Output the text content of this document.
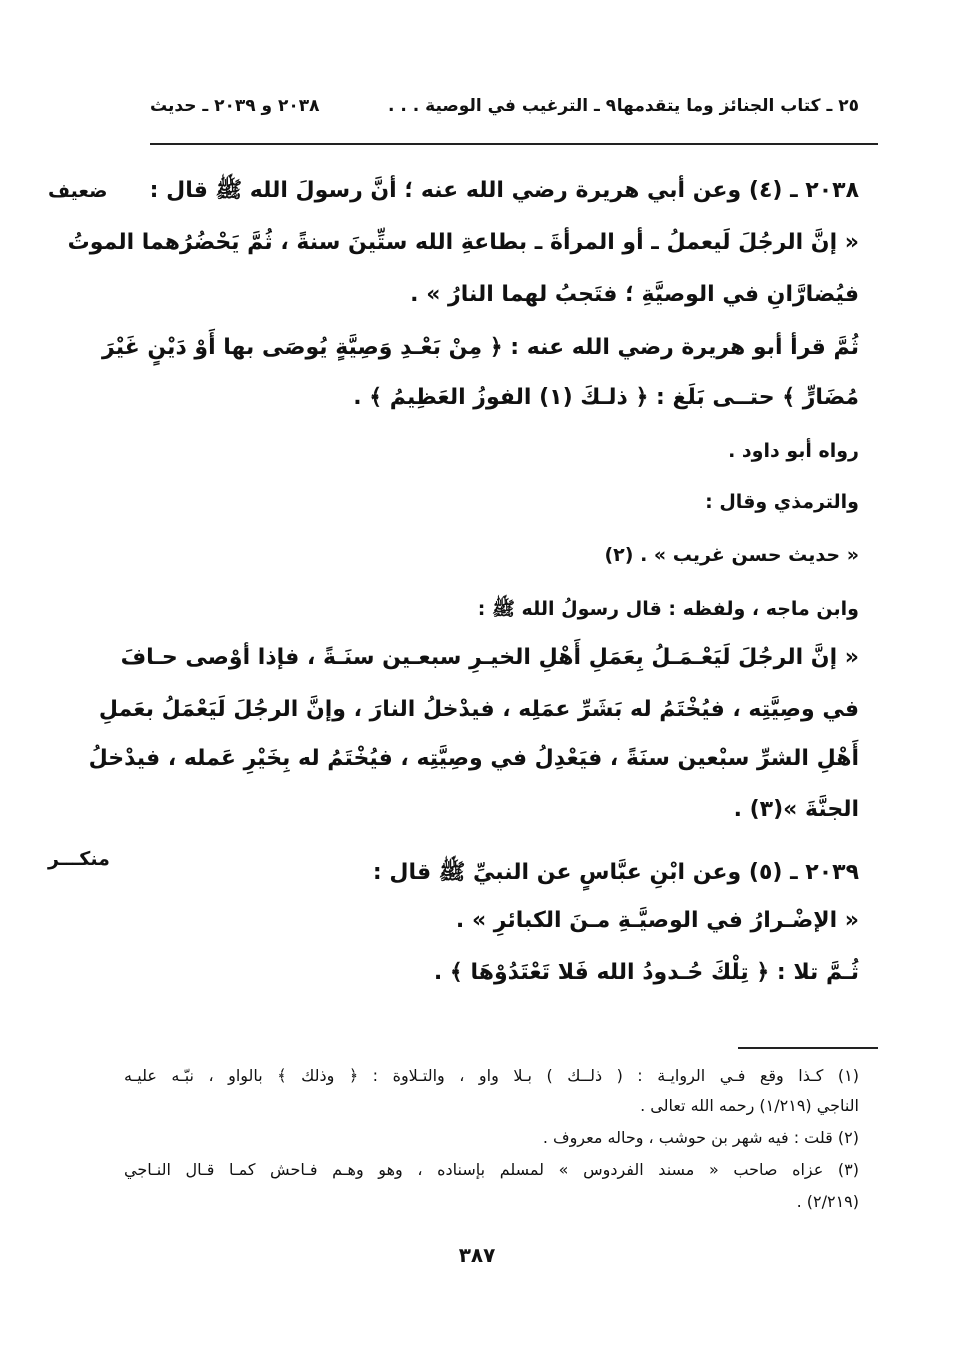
٢٥ ـ كتاب الجنائز وما يتقدمها
٩ ـ الترغيب في الوصية . . .
٢٠٣٨ و ٢٠٣٩ ـ حديث
ضعيف
منكـــر
٢٠٣٨ ـ (٤) وعن أبي هريرة رضي الله عنه ؛ أنَّ رسولَ الله ﷺ قال :
« إنَّ الرجُلَ لَيعملُ ـ أو المرأةَ ـ بطاعةِ الله ستِّينَ سنةً ، ثُمَّ يَحْضُرُهما الموتُ
فيُضارَّانِ في الوصيَّةِ ؛ فتَجبُ لهما النارُ » .
ثُمَّ قرأ أبو هريرة رضي الله عنه : ﴿ مِنْ بَعْـدِ وَصِيَّةٍ يُوصَى بها أَوْ دَيْنٍ غَيْرَ
مُضَارٍّ ﴾ حتــى بَلَغ : ﴿ ذلـكَ (١) الفوزُ العَظِيمُ ﴾ .
رواه أبو داود .
والترمذي وقال :
« حديث حسن غريب » . (٢)
وابن ماجه ، ولفظه : قال رسولُ الله ﷺ :
« إنَّ الرجُلَ لَيَعْـمَـلُ بِعَمَلِ أَهْلِ الخيـرِ سبعـين سنَـةً ، فإذا أوْصى حـافَ
في وصِيَّتِه ، فيُخْتَمُ له بَشَرِّ عمَلِه ، فيدْخلُ النارَ ، وإنَّ الرجُلَ لَيَعْمَلُ بعَملِ
أَهْلِ الشرِّ سبْعين سنَةً ، فيَعْدِلُ في وصِيَّتِه ، فيُخْتَمُ له بِخَيْرِ عَمله ، فيدْخلُ
الجنَّةَ »(٣) .
٢٠٣٩ ـ (٥) وعن ابْنِ عبَّاسٍ عن النبيِّ ﷺ قال :
« الإضْـرارُ في الوصيَّـةِ مـنَ الكبائرِ » .
ثُـمَّ تلا : ﴿ تِلْكَ حُـدودُ الله فَلا تَعْتَدُوْهَا ﴾ .
(١) كـذا وقع فـي الروايـة : ( ذلــك ) بـلا واو ، والتـلاوة : ﴿ وذلك ﴾ بالواو ، نبّـه عليـه
الناجي (١/٢١٩) رحمه الله تعالى .
(٢) قلت : فيه شهر بن حوشب ، وحاله معروف .
(٣) عزاه صاحب « مسند الفردوس » لمسلم بإسناده ، وهو وهـم فـاحش كمـا قـال النـاجي
(٢/٢١٩) .
٣٨٧
